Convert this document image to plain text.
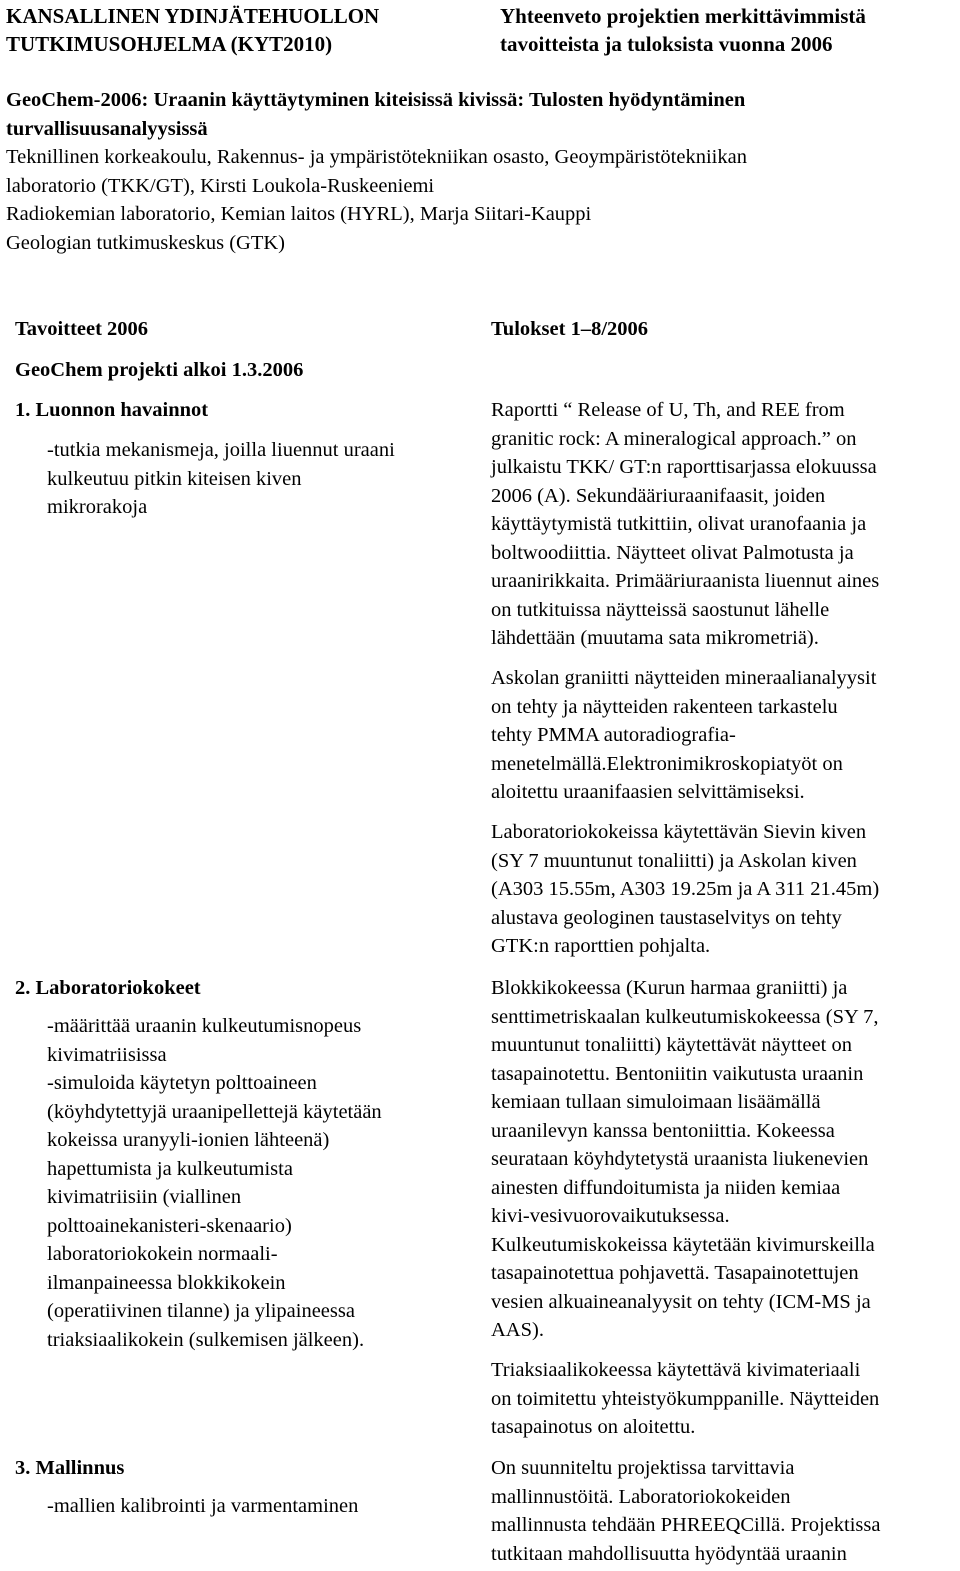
KANSALLINEN YDINJÄTEHUOLLON
TUTKIMUSOHJELMA (KYT2010)
Yhteenveto projektien merkittävimmistä
tavoitteista ja tuloksista vuonna 2006
GeoChem-2006: Uraanin käyttäytyminen kiteisissä kivissä: Tulosten hyödyntäminen
turvallisuusanalyysissä
Teknillinen korkeakoulu, Rakennus- ja ympäristötekniikan osasto, Geoympäristötekniikan
laboratorio (TKK/GT), Kirsti Loukola-Ruskeeniemi
Radiokemian laboratorio, Kemian laitos (HYRL), Marja Siitari-Kauppi
Geologian tutkimuskeskus (GTK)
Tavoitteet 2006	Tulokset 1–8/2006
GeoChem projekti alkoi 1.3.2006
1. Luonnon havainnot
-tutkia mekanismeja, joilla liuennut uraani
kulkeutuu pitkin kiteisen kiven
mikrorakoja
2. Laboratoriokokeet
-määrittää uraanin kulkeutumisnopeus
kivimatriisissa
-simuloida käytetyn polttoaineen
(köyhdytettyjä uraanipellettejä käytetään
kokeissa uranyyli-ionien lähteenä)
hapettumista ja kulkeutumista
kivimatriisiin (viallinen
polttoainekanisteri-skenaario)
laboratoriokokein normaali-
ilmanpaineessa blokkikokein
(operatiivinen tilanne) ja ylipaineessa
triaksiaalikokein (sulkemisen jälkeen).
3. Mallinnus
-mallien kalibrointi ja varmentaminen
Raportti “ Release of U, Th, and REE from
granitic rock: A mineralogical approach.” on
julkaistu TKK/ GT:n raporttisarjassa elokuussa
2006 (A). Sekundääriuraanifaasit, joiden
käyttäytymistä tutkittiin, olivat uranofaania ja
boltwoodiittia. Näytteet olivat Palmotusta ja
uraanirikkaita. Primääriuraanista liuennut aines
on tutkituissa näytteissä saostunut lähelle
lähdettään (muutama sata mikrometriä).
Askolan graniitti näytteiden mineraalianalyysit
on tehty ja näytteiden rakenteen tarkastelu
tehty PMMA autoradiografia-
menetelmällä.Elektronimikroskopiatyöt on
aloitettu uraanifaasien selvittämiseksi.
Laboratoriokokeissa käytettävän Sievin kiven
(SY 7 muuntunut tonaliitti) ja Askolan kiven
(A303 15.55m, A303 19.25m ja A 311 21.45m)
alustava geologinen taustaselvitys on tehty
GTK:n raporttien pohjalta.
Blokkikokeessa (Kurun harmaa graniitti) ja
senttimetriskaalan kulkeutumiskokeessa (SY 7,
muuntunut tonaliitti) käytettävät näytteet on
tasapainotettu. Bentoniitin vaikutusta uraanin
kemiaan tullaan simuloimaan lisäämällä
uraanilevyn kanssa bentoniittia. Kokeessa
seurataan köyhdytetystä uraanista liukenevien
ainesten diffundoitumista ja niiden kemiaa
kivi-vesivuorovaikutuksessa.
Kulkeutumiskokeissa käytetään kivimurskeilla
tasapainotettua pohjavettä. Tasapainotettujen
vesien alkuaineanalyysit on tehty (ICM-MS ja
AAS).
Triaksiaalikokeessa käytettävä kivimateriaali
on toimitettu yhteistyökumppanille. Näytteiden
tasapainotus on aloitettu.
On suunniteltu projektissa tarvittavia
mallinnustöitä. Laboratoriokokeiden
mallinnusta tehdään PHREEQCillä. Projektissa
tutkitaan mahdollisuutta hyödyntää uraanin
